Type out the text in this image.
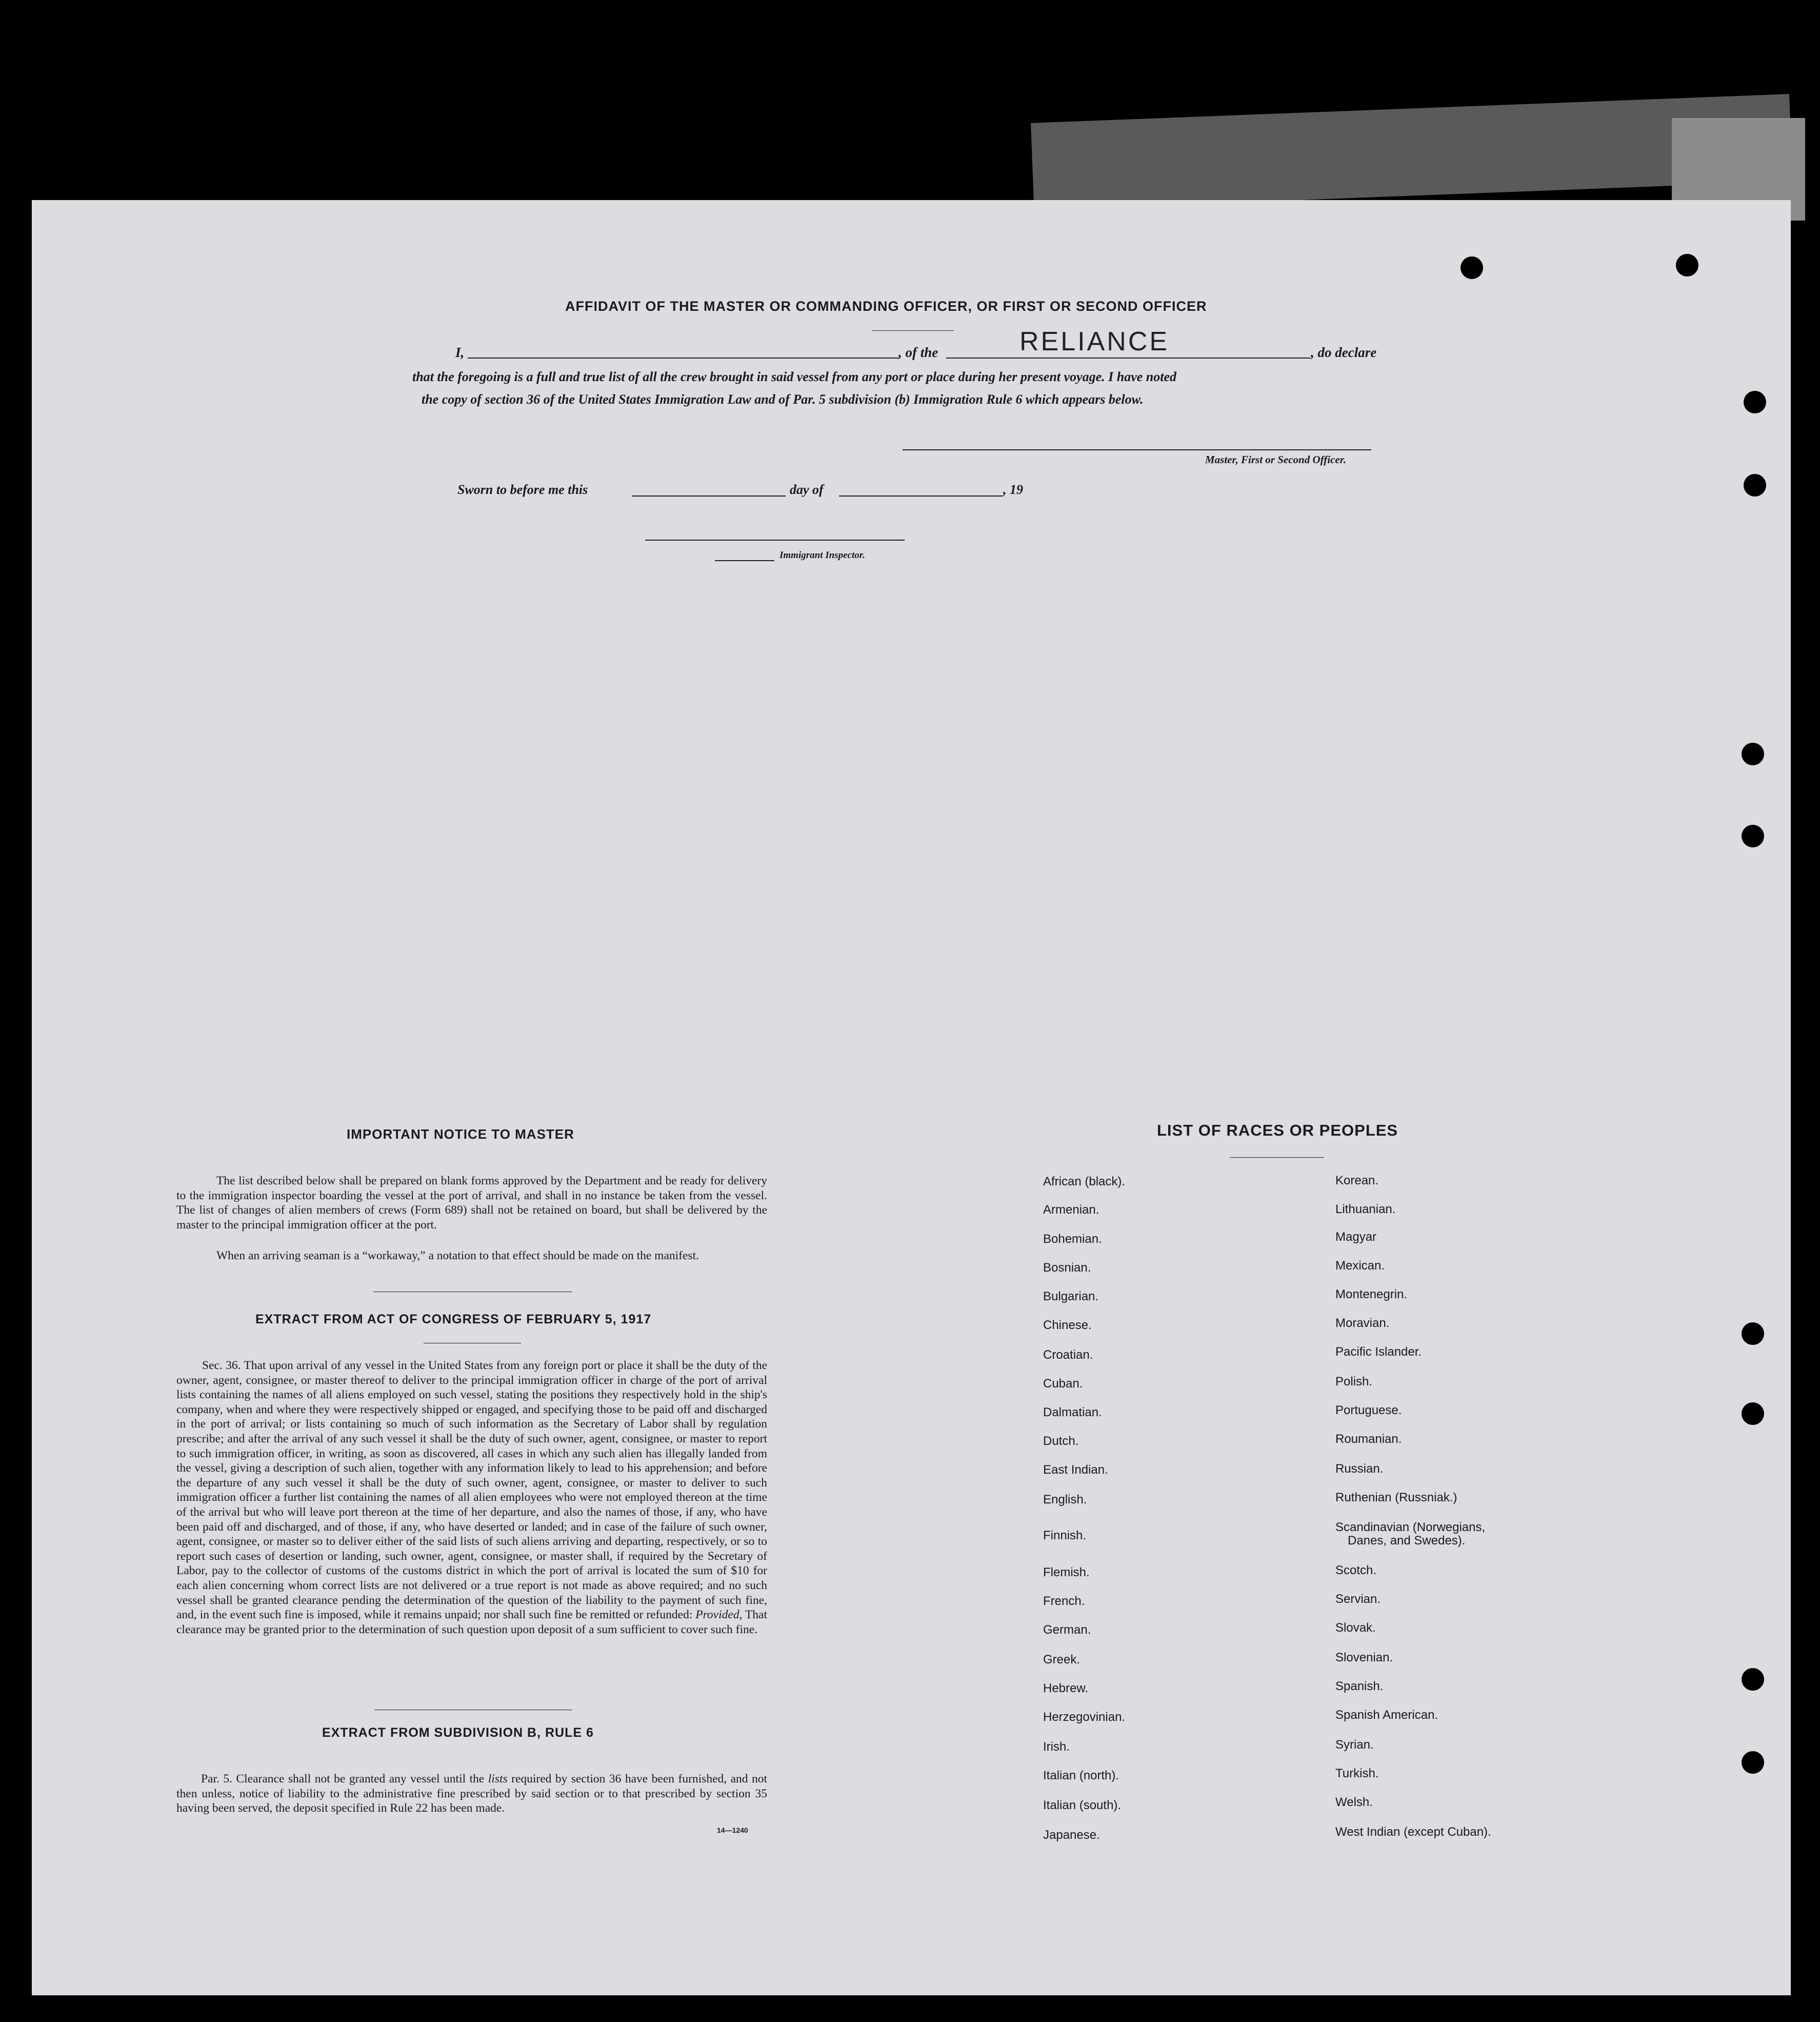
AFFIDAVIT OF THE MASTER OR COMMANDING OFFICER, OR FIRST OR SECOND OFFICER
I,	, of the	RELIANCE	, do declare
that the foregoing is a full and true list of all the crew brought in said vessel from any port or place during her present voyage. I have noted
the copy of section 36 of the United States Immigration Law and of Par. 5 subdivision (b) Immigration Rule 6 which appears below.
Master, First or Second Officer.
Sworn to before me this	day of	, 19
Immigrant Inspector.
IMPORTANT NOTICE TO MASTER
The list described below shall be prepared on blank forms approved by the Department and be ready for delivery to the immigration inspector boarding the vessel at the port of arrival, and shall in no instance be taken from the vessel. The list of changes of alien members of crews (Form 689) shall not be retained on board, but shall be delivered by the master to the principal immigration officer at the port.
When an arriving seaman is a “workaway,” a notation to that effect should be made on the manifest.
EXTRACT FROM ACT OF CONGRESS OF FEBRUARY 5, 1917
Sec. 36. That upon arrival of any vessel in the United States from any foreign port or place it shall be the duty of the owner, agent, consignee, or master thereof to deliver to the principal immigration officer in charge of the port of arrival lists containing the names of all aliens employed on such vessel, stating the positions they respectively hold in the ship's company, when and where they were respectively shipped or engaged, and specifying those to be paid off and discharged in the port of arrival; or lists containing so much of such information as the Secretary of Labor shall by regulation prescribe; and after the arrival of any such vessel it shall be the duty of such owner, agent, consignee, or master to report to such immigration officer, in writing, as soon as discovered, all cases in which any such alien has illegally landed from the vessel, giving a description of such alien, together with any information likely to lead to his apprehension; and before the departure of any such vessel it shall be the duty of such owner, agent, consignee, or master to deliver to such immigration officer a further list containing the names of all alien employees who were not employed thereon at the time of the arrival but who will leave port thereon at the time of her departure, and also the names of those, if any, who have been paid off and discharged, and of those, if any, who have deserted or landed; and in case of the failure of such owner, agent, consignee, or master so to deliver either of the said lists of such aliens arriving and departing, respectively, or so to report such cases of desertion or landing, such owner, agent, consignee, or master shall, if required by the Secretary of Labor, pay to the collector of customs of the customs district in which the port of arrival is located the sum of $10 for each alien concerning whom correct lists are not delivered or a true report is not made as above required; and no such vessel shall be granted clearance pending the determination of the question of the liability to the payment of such fine, and, in the event such fine is imposed, while it remains unpaid; nor shall such fine be remitted or refunded: Provided, That clearance may be granted prior to the determination of such question upon deposit of a sum sufficient to cover such fine.
EXTRACT FROM SUBDIVISION B, RULE 6
Par. 5. Clearance shall not be granted any vessel until the lists required by section 36 have been furnished, and not then unless, notice of liability to the administrative fine prescribed by said section or to that prescribed by section 35 having been served, the deposit specified in Rule 22 has been made.
14—1240
LIST OF RACES OR PEOPLES
African (black).
Armenian.
Bohemian.
Bosnian.
Bulgarian.
Chinese.
Croatian.
Cuban.
Dalmatian.
Dutch.
East Indian.
English.
Finnish.
Flemish.
French.
German.
Greek.
Hebrew.
Herzegovinian.
Irish.
Italian (north).
Italian (south).
Japanese.
Korean.
Lithuanian.
Magyar
Mexican.
Montenegrin.
Moravian.
Pacific Islander.
Polish.
Portuguese.
Roumanian.
Russian.
Ruthenian (Russniak.)
Scandinavian (Norwegians,
Scotch.
Servian.
Slovak.
Slovenian.
Spanish.
Spanish American.
Syrian.
Turkish.
Welsh.
West Indian (except Cuban).
Danes, and Swedes).
